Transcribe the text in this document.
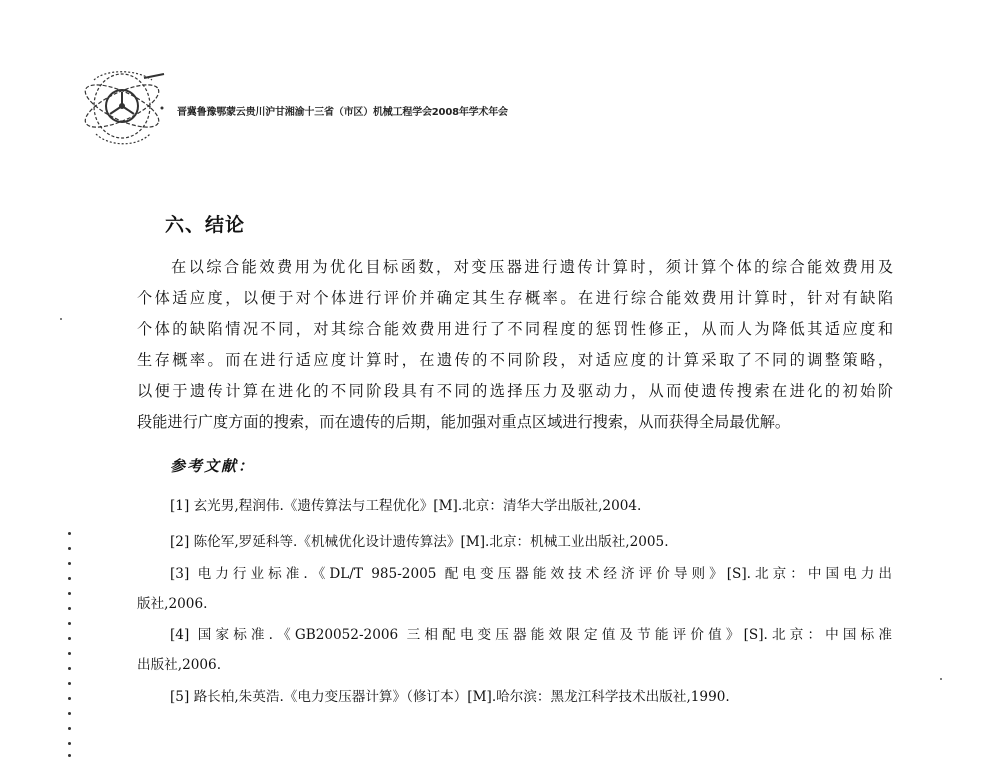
晋冀鲁豫鄂蒙云贵川沪甘湘渝十三省（市区）机械工程学会2008年学术年会
六、结论
在以综合能效费用为优化目标函数，对变压器进行遗传计算时，须计算个体的综合能效费用及
个体适应度，以便于对个体进行评价并确定其生存概率。在进行综合能效费用计算时，针对有缺陷
个体的缺陷情况不同，对其综合能效费用进行了不同程度的惩罚性修正，从而人为降低其适应度和
生存概率。而在进行适应度计算时，在遗传的不同阶段，对适应度的计算采取了不同的调整策略，
以便于遗传计算在进化的不同阶段具有不同的选择压力及驱动力，从而使遗传搜索在进化的初始阶
段能进行广度方面的搜索，而在遗传的后期，能加强对重点区域进行搜索，从而获得全局最优解。
参考文献：
[1] 玄光男,程润伟.《遗传算法与工程优化》[M].北京：清华大学出版社,2004.
[2] 陈伦军,罗延科等.《机械优化设计遗传算法》[M].北京：机械工业出版社,2005.
[3] 电力行业标准.《DL/T 985-2005 配电变压器能效技术经济评价导则》[S].北京：中国电力出
版社,2006.
[4] 国家标准.《GB20052-2006 三相配电变压器能效限定值及节能评价值》[S].北京：中国标准
出版社,2006.
[5] 路长柏,朱英浩.《电力变压器计算》（修订本）[M].哈尔滨：黑龙江科学技术出版社,1990.
